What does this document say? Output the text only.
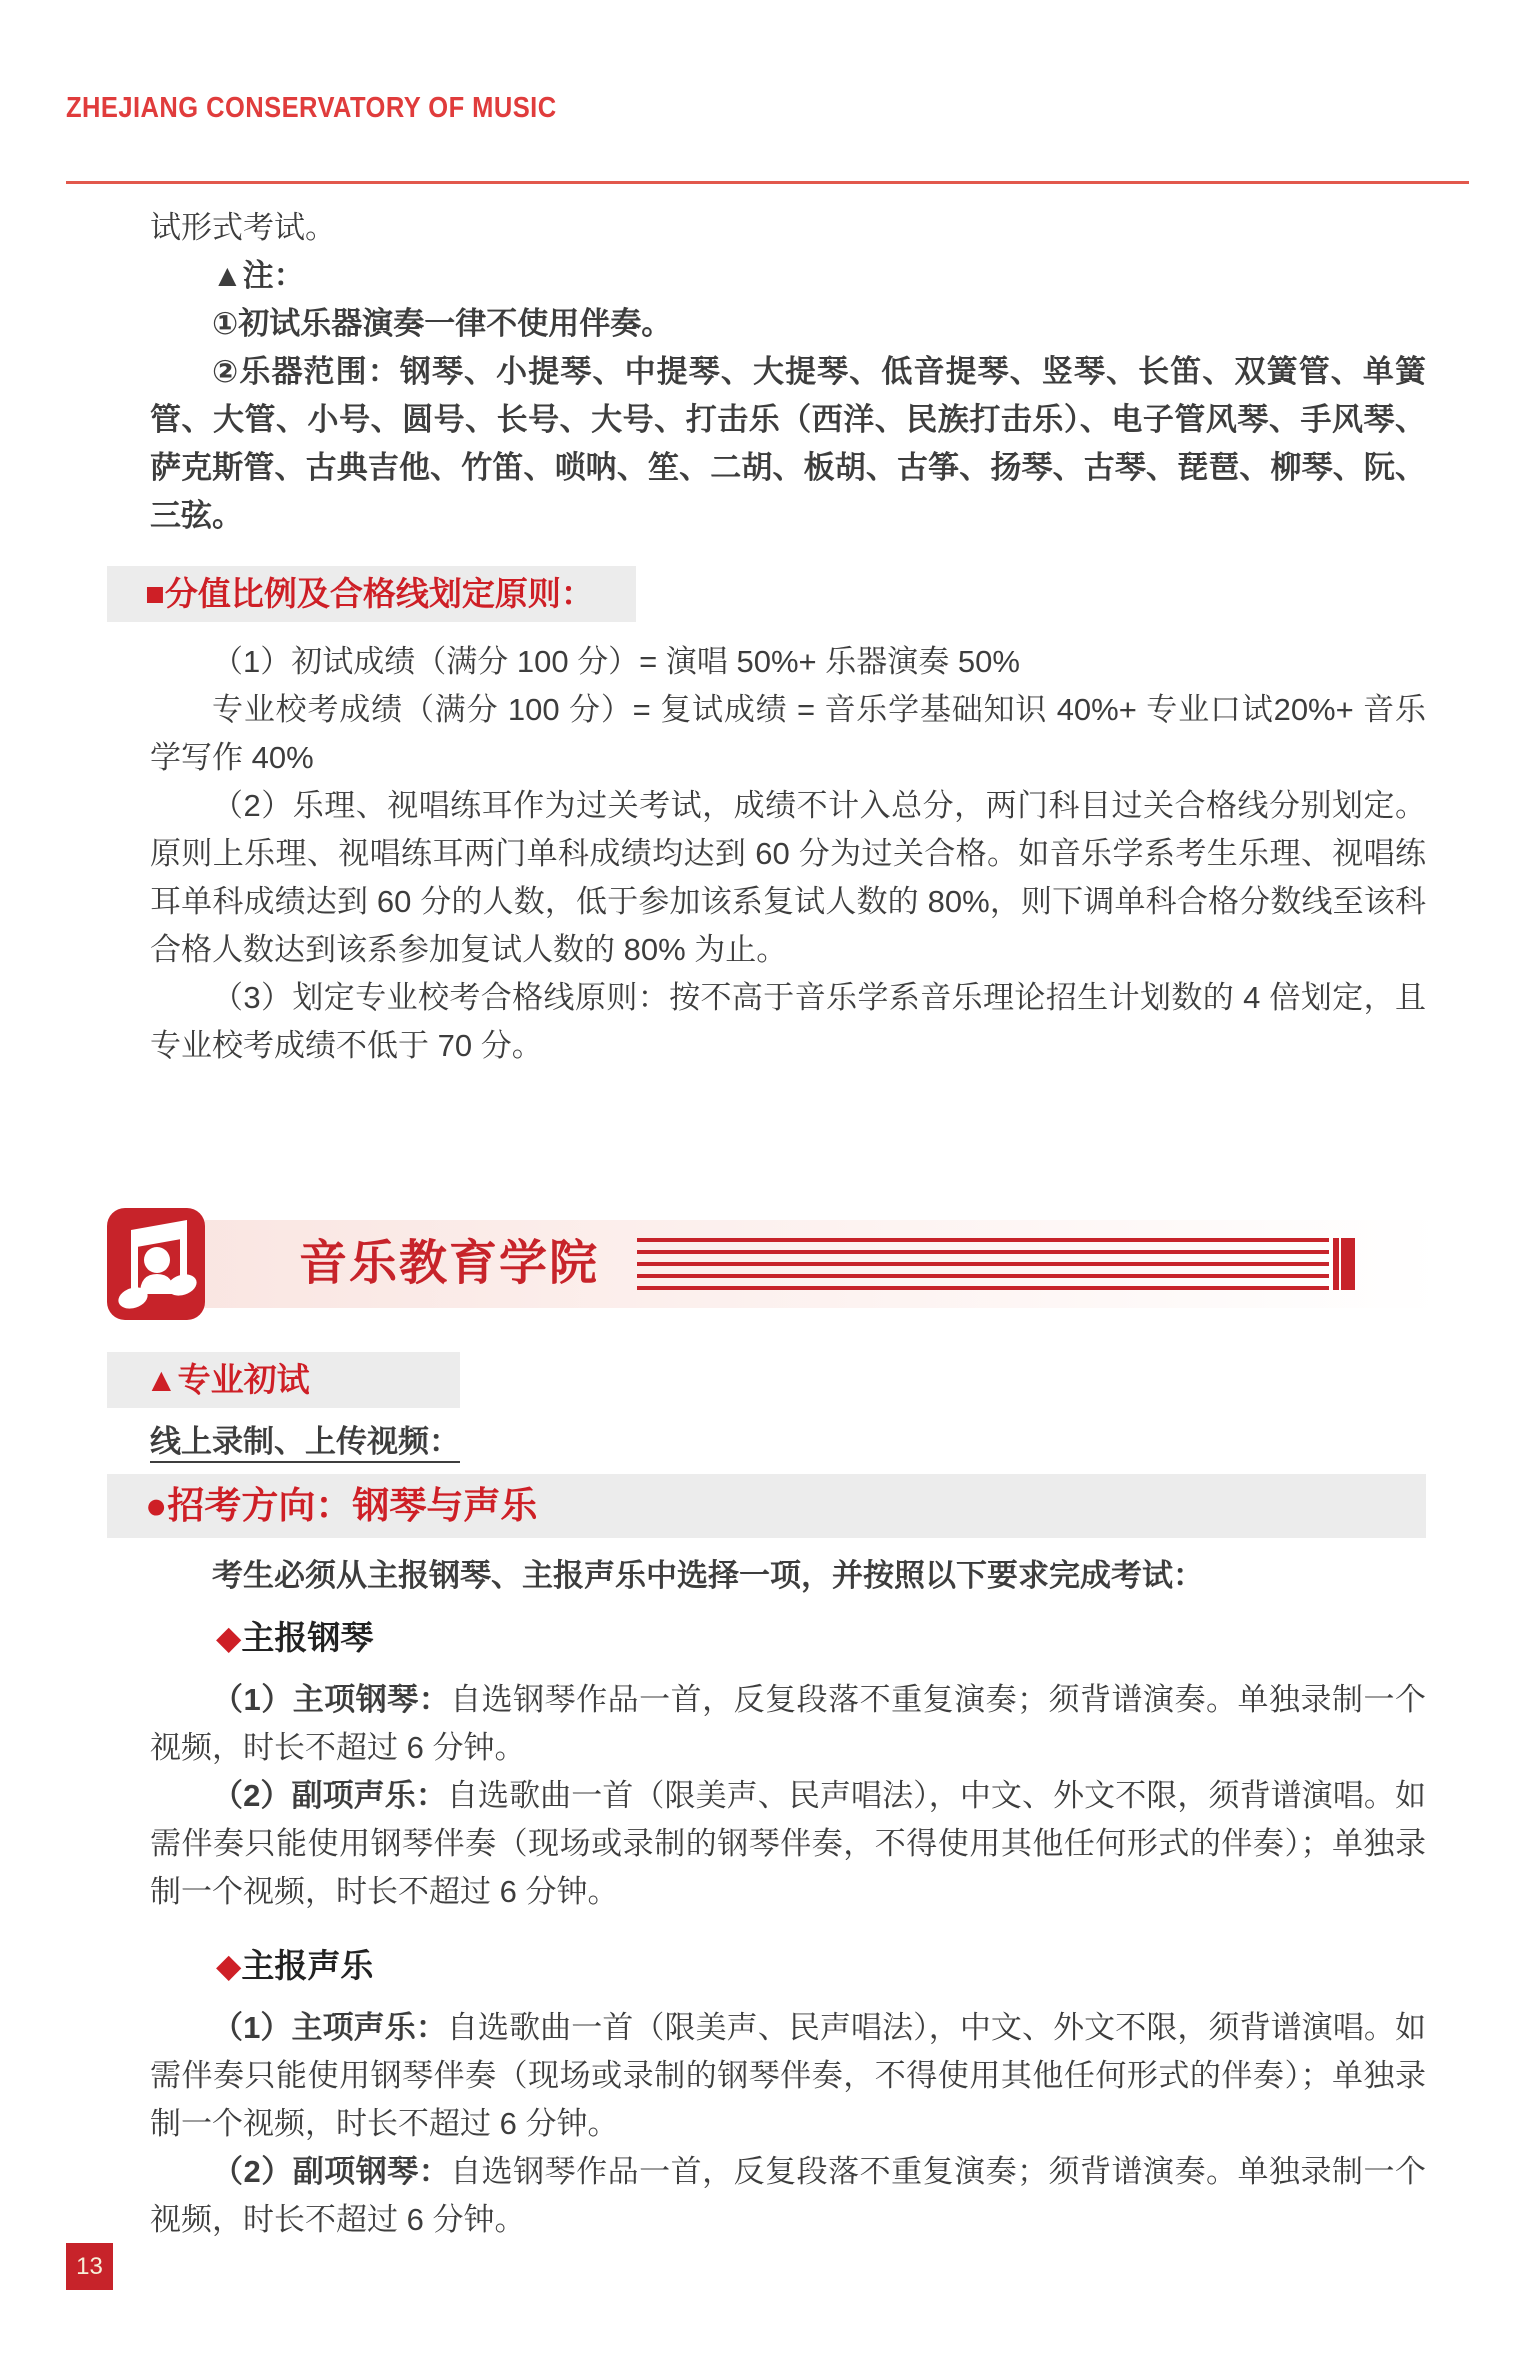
ZHEJIANG CONSERVATORY OF MUSIC

试形式考试。

▲注：

①初试乐器演奏一律不使用伴奏。

②乐器范围：钢琴、小提琴、中提琴、大提琴、低音提琴、竖琴、长笛、双簧管、单簧管、大管、小号、圆号、长号、大号、打击乐（西洋、民族打击乐）、电子管风琴、手风琴、萨克斯管、古典吉他、竹笛、唢呐、笙、二胡、板胡、古筝、扬琴、古琴、琵琶、柳琴、阮、三弦。

■分值比例及合格线划定原则：

（1）初试成绩（满分 100 分）= 演唱 50%+ 乐器演奏 50%

专业校考成绩（满分 100 分）= 复试成绩 = 音乐学基础知识 40%+ 专业口试20%+ 音乐学写作 40%

（2）乐理、视唱练耳作为过关考试，成绩不计入总分，两门科目过关合格线分别划定。原则上乐理、视唱练耳两门单科成绩均达到 60 分为过关合格。如音乐学系考生乐理、视唱练耳单科成绩达到 60 分的人数，低于参加该系复试人数的 80%，则下调单科合格分数线至该科合格人数达到该系参加复试人数的 80% 为止。

（3）划定专业校考合格线原则：按不高于音乐学系音乐理论招生计划数的 4 倍划定，且专业校考成绩不低于 70 分。

音乐教育学院
▲专业初试

线上录制、上传视频：

●招考方向：钢琴与声乐

考生必须从主报钢琴、主报声乐中选择一项，并按照以下要求完成考试：

◆主报钢琴

（1）主项钢琴：自选钢琴作品一首，反复段落不重复演奏；须背谱演奏。单独录制一个视频，时长不超过 6 分钟。

（2）副项声乐：自选歌曲一首（限美声、民声唱法），中文、外文不限，须背谱演唱。如需伴奏只能使用钢琴伴奏（现场或录制的钢琴伴奏，不得使用其他任何形式的伴奏）；单独录制一个视频，时长不超过 6 分钟。

◆主报声乐

（1）主项声乐：自选歌曲一首（限美声、民声唱法），中文、外文不限，须背谱演唱。如需伴奏只能使用钢琴伴奏（现场或录制的钢琴伴奏，不得使用其他任何形式的伴奏）；单独录制一个视频，时长不超过 6 分钟。

（2）副项钢琴：自选钢琴作品一首，反复段落不重复演奏；须背谱演奏。单独录制一个视频，时长不超过 6 分钟。

13
